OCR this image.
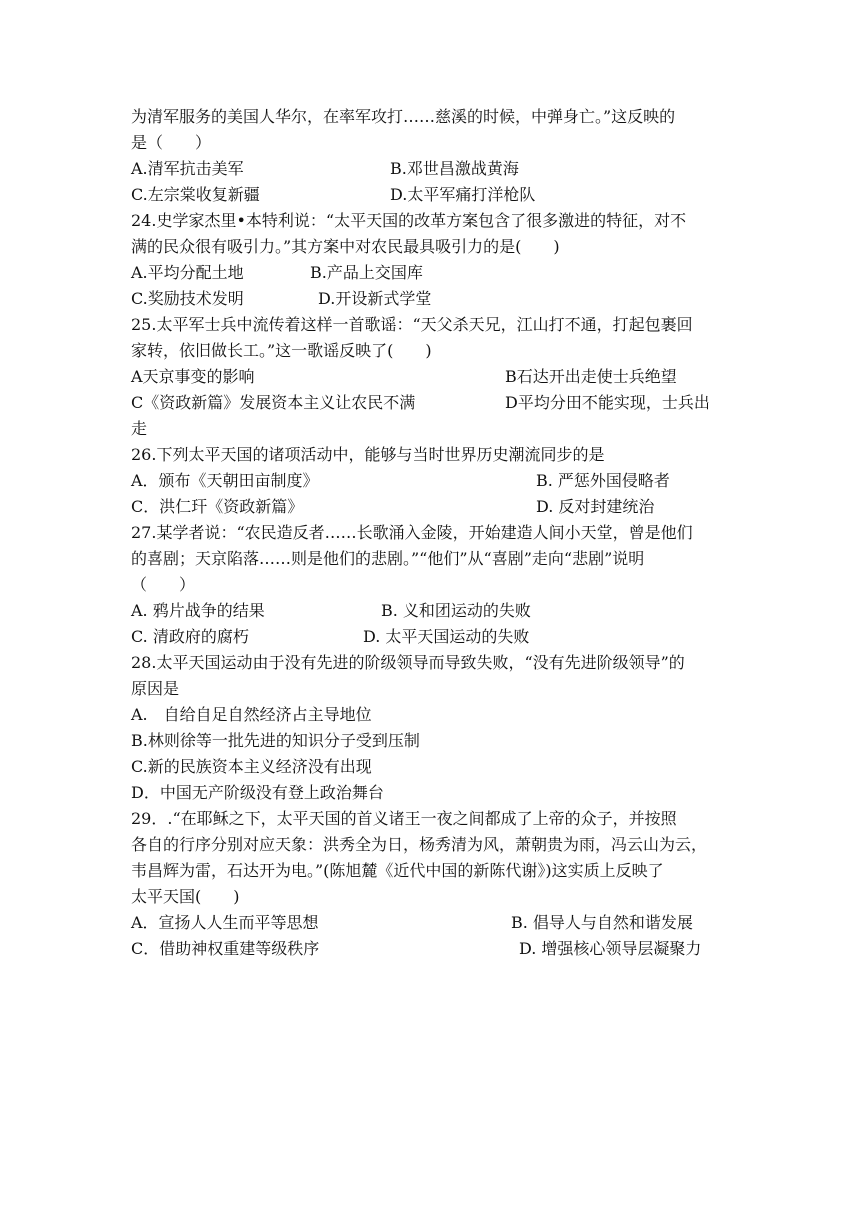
为清军服务的美国人华尔，在率军攻打……慈溪的时候，中弹身亡。”这反映的
是（　　）
A.清军抗击美军	B.邓世昌激战黄海
C.左宗棠收复新疆	D.太平军痛打洋枪队
24.史学家杰里•本特利说：“太平天国的改革方案包含了很多激进的特征，对不
满的民众很有吸引力。”其方案中对农民最具吸引力的是(　　)
A.平均分配土地	B.产品上交国库
C.奖励技术发明	D.开设新式学堂
25.太平军士兵中流传着这样一首歌谣：“天父杀天兄，江山打不通，打起包裹回
家转，依旧做长工。”这一歌谣反映了(　　)
A天京事变的影响	B石达开出走使士兵绝望
C《资政新篇》发展资本主义让农民不满	D平均分田不能实现，士兵出
走
26.下列太平天国的诸项活动中，能够与当时世界历史潮流同步的是
A．颁布《天朝田亩制度》	B. 严惩外国侵略者
C．洪仁玕《资政新篇》	D. 反对封建统治
27.某学者说：“农民造反者……长歌涌入金陵，开始建造人间小天堂，曾是他们
的喜剧；天京陷落……则是他们的悲剧。”“他们”从“喜剧”走向“悲剧”说明
（　　）
A. 鸦片战争的结果	B. 义和团运动的失败
C. 清政府的腐朽	D. 太平天国运动的失败
28.太平天国运动由于没有先进的阶级领导而导致失败，“没有先进阶级领导”的
原因是
A.　自给自足自然经济占主导地位
B.林则徐等一批先进的知识分子受到压制
C.新的民族资本主义经济没有出现
D．中国无产阶级没有登上政治舞台
29．.“在耶稣之下，太平天国的首义诸王一夜之间都成了上帝的众子，并按照
各自的行序分别对应天象：洪秀全为日，杨秀清为风，萧朝贵为雨，冯云山为云，
韦昌辉为雷，石达开为电。”(陈旭麓《近代中国的新陈代谢》)这实质上反映了
太平天国(　　)
A．宣扬人人生而平等思想	B. 倡导人与自然和谐发展
C．借助神权重建等级秩序	D. 增强核心领导层凝聚力
